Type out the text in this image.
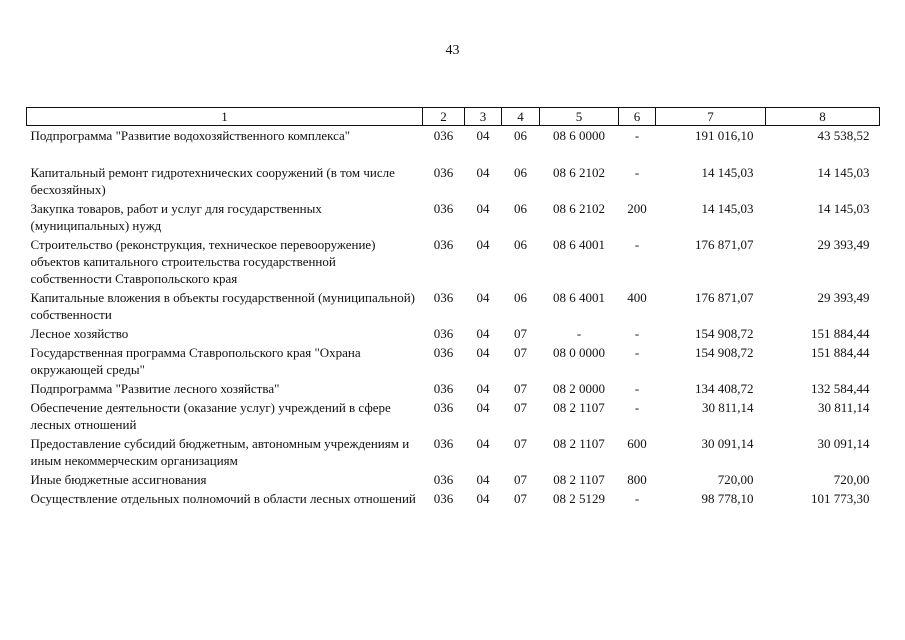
43
1	2	3	4	5	6	7	8
Подпрограмма "Развитие водохозяйственного комплекса"	036	04	06	08 6 0000	-	191 016,10	43 538,52
Капитальный ремонт гидротехнических сооружений (в том числе бесхозяйных)	036	04	06	08 6 2102	-	14 145,03	14 145,03
Закупка товаров, работ и услуг для государственных (муниципальных) нужд	036	04	06	08 6 2102	200	14 145,03	14 145,03
Строительство (реконструкция, техническое перевооружение) объектов капитального строительства государственной собственности Ставропольского края	036	04	06	08 6 4001	-	176 871,07	29 393,49
Капитальные вложения в объекты государственной (муниципальной) собственности	036	04	06	08 6 4001	400	176 871,07	29 393,49
Лесное хозяйство	036	04	07	-	-	154 908,72	151 884,44
Государственная программа Ставропольского края "Охрана окружающей среды"	036	04	07	08 0 0000	-	154 908,72	151 884,44
Подпрограмма "Развитие лесного хозяйства"	036	04	07	08 2 0000	-	134 408,72	132 584,44
Обеспечение деятельности (оказание услуг) учреждений в сфере лесных отношений	036	04	07	08 2 1107	-	30 811,14	30 811,14
Предоставление субсидий бюджетным, автономным учреждениям и иным некоммерческим организациям	036	04	07	08 2 1107	600	30 091,14	30 091,14
Иные бюджетные ассигнования	036	04	07	08 2 1107	800	720,00	720,00
Осуществление отдельных полномочий в области лесных отношений	036	04	07	08 2 5129	-	98 778,10	101 773,30
